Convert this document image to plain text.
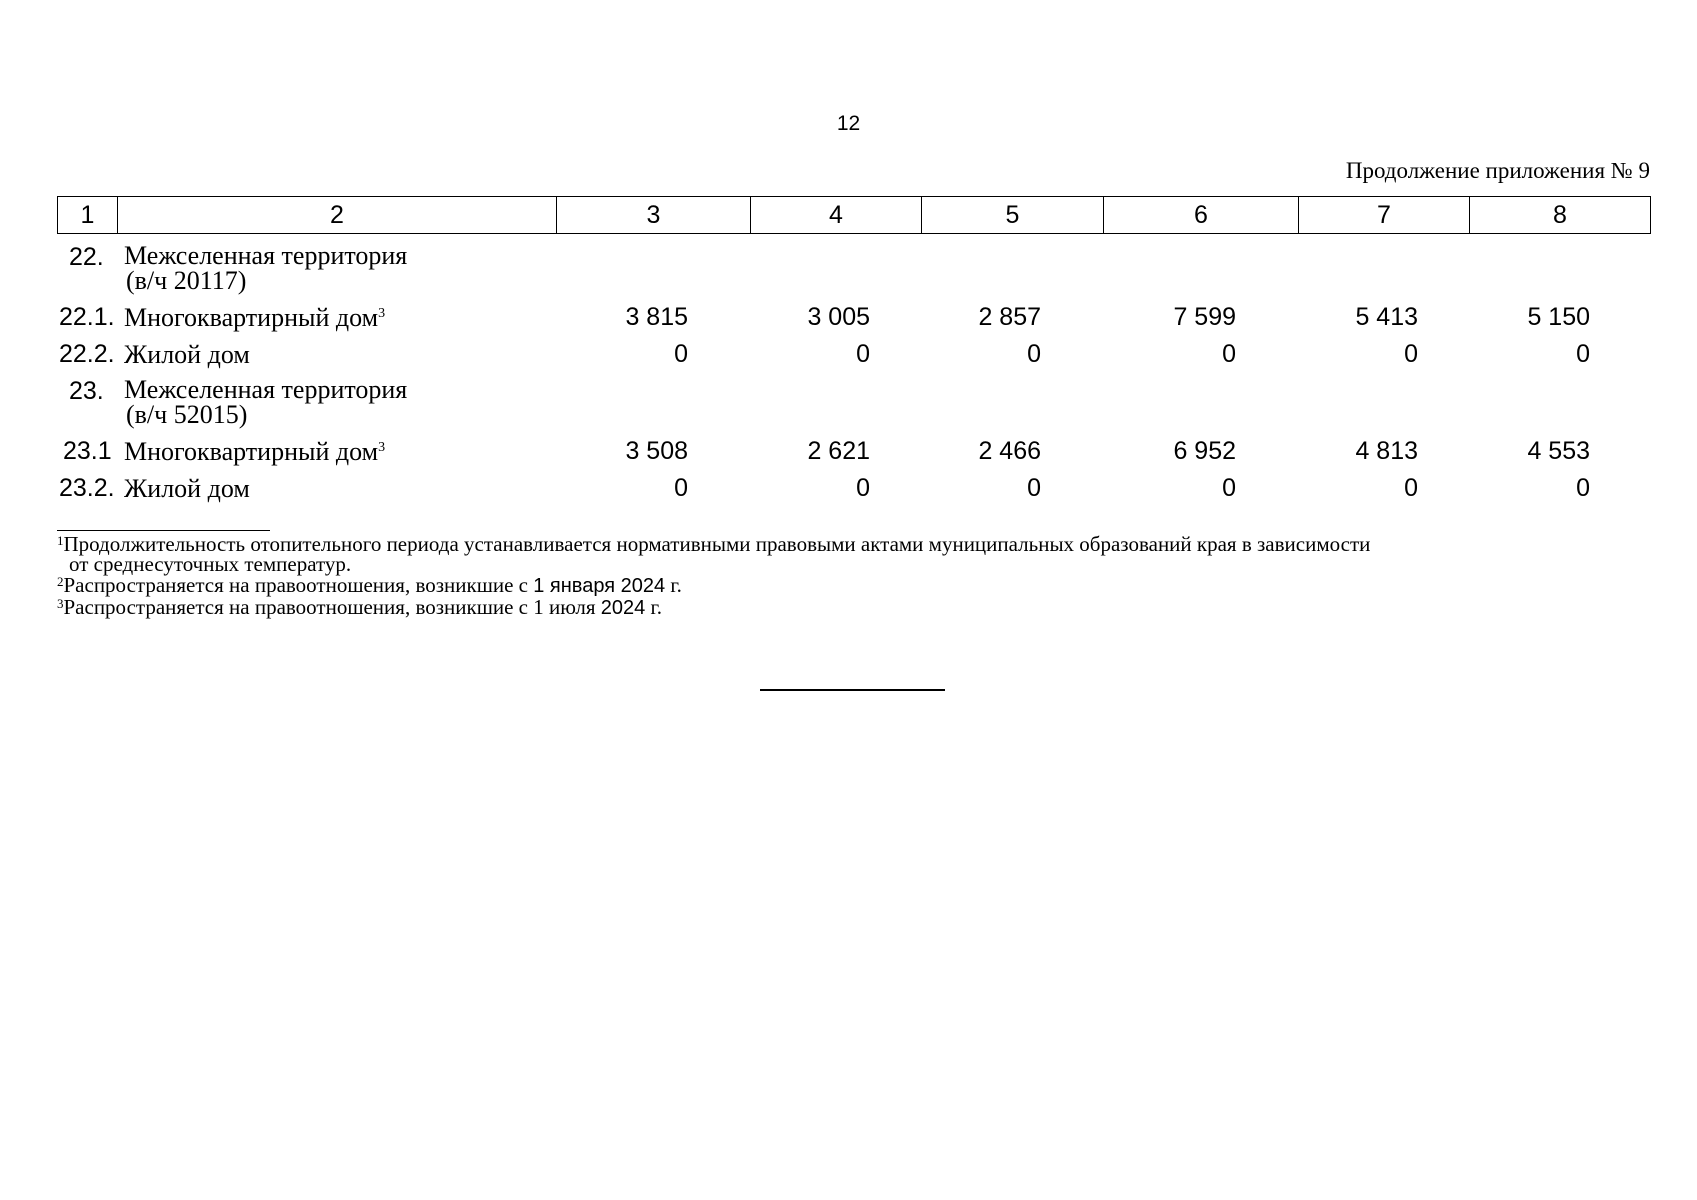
12
Продолжение приложения № 9
1	2	3	4	5	6	7	8
22. Межселенная территория
(в/ч 20117)
22.1. Многоквартирный дом$^3$	3 815	3 005	2 857	7 599	5 413	5 150
22.2. Жилой дом	0	0	0	0	0	0
23. Межселенная территория
(в/ч 52015)
23.1 Многоквартирный дом$^3$	3 508	2 621	2 466	6 952	4 813	4 553
23.2. Жилой дом	0	0	0	0	0	0
$^1$Продолжительность отопительного периода устанавливается нормативными правовыми актами муниципальных образований края в зависимости
от среднесуточных температур.
$^2$Распространяется на правоотношения, возникшие с 1 января 2024 г.
$^3$Распространяется на правоотношения, возникшие с 1 июля 2024 г.
